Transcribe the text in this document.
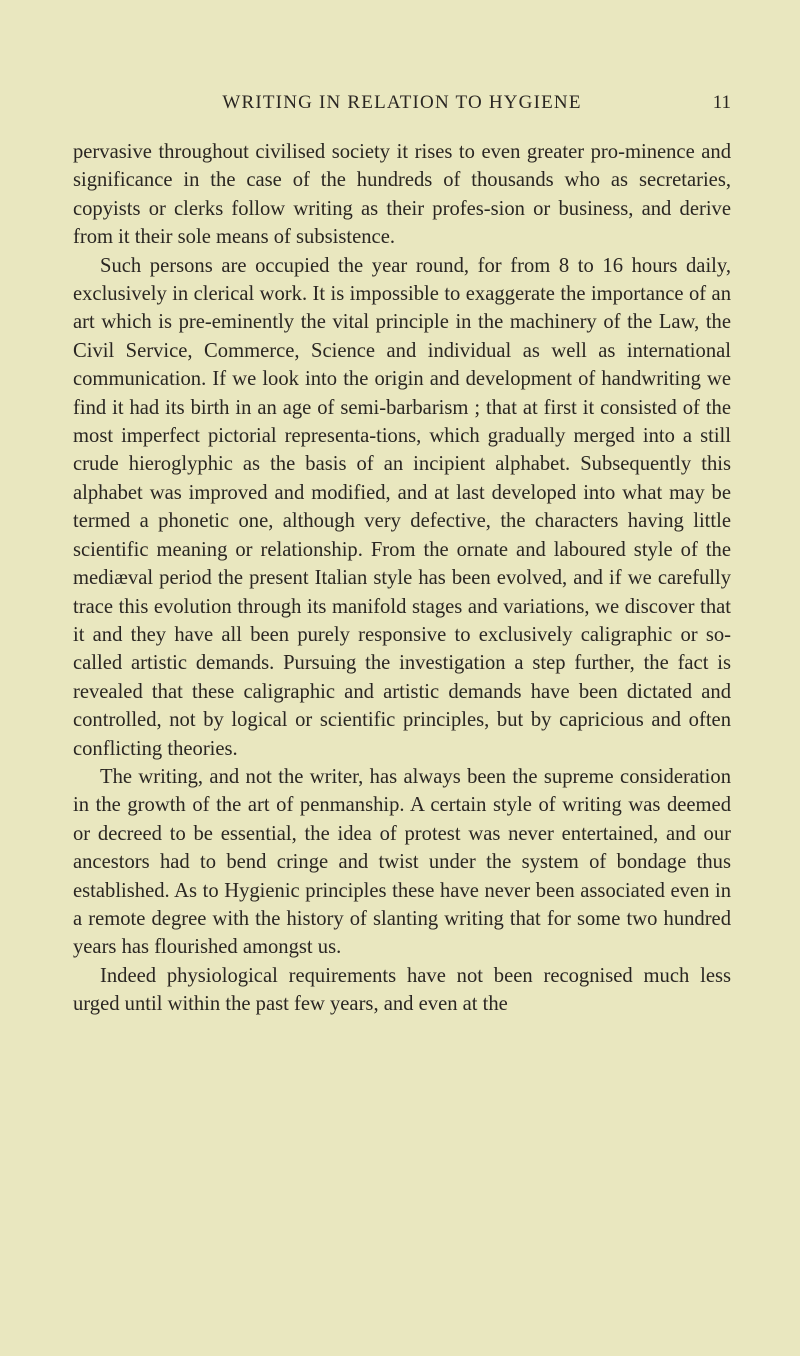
WRITING IN RELATION TO HYGIENE	11

pervasive throughout civilised society it rises to even greater pro-minence and significance in the case of the hundreds of thousands who as secretaries, copyists or clerks follow writing as their profes-sion or business, and derive from it their sole means of subsistence.

Such persons are occupied the year round, for from 8 to 16 hours daily, exclusively in clerical work. It is impossible to exaggerate the importance of an art which is pre-eminently the vital principle in the machinery of the Law, the Civil Service, Commerce, Science and individual as well as international communication. If we look into the origin and development of handwriting we find it had its birth in an age of semi-barbarism ; that at first it consisted of the most imperfect pictorial representa-tions, which gradually merged into a still crude hieroglyphic as the basis of an incipient alphabet. Subsequently this alphabet was improved and modified, and at last developed into what may be termed a phonetic one, although very defective, the characters having little scientific meaning or relationship. From the ornate and laboured style of the mediæval period the present Italian style has been evolved, and if we carefully trace this evolution through its manifold stages and variations, we discover that it and they have all been purely responsive to exclusively caligraphic or so-called artistic demands. Pursuing the investigation a step further, the fact is revealed that these caligraphic and artistic demands have been dictated and controlled, not by logical or scientific principles, but by capricious and often conflicting theories.

The writing, and not the writer, has always been the supreme consideration in the growth of the art of penmanship. A certain style of writing was deemed or decreed to be essential, the idea of protest was never entertained, and our ancestors had to bend cringe and twist under the system of bondage thus established. As to Hygienic principles these have never been associated even in a remote degree with the history of slanting writing that for some two hundred years has flourished amongst us.

Indeed physiological requirements have not been recognised much less urged until within the past few years, and even at the
